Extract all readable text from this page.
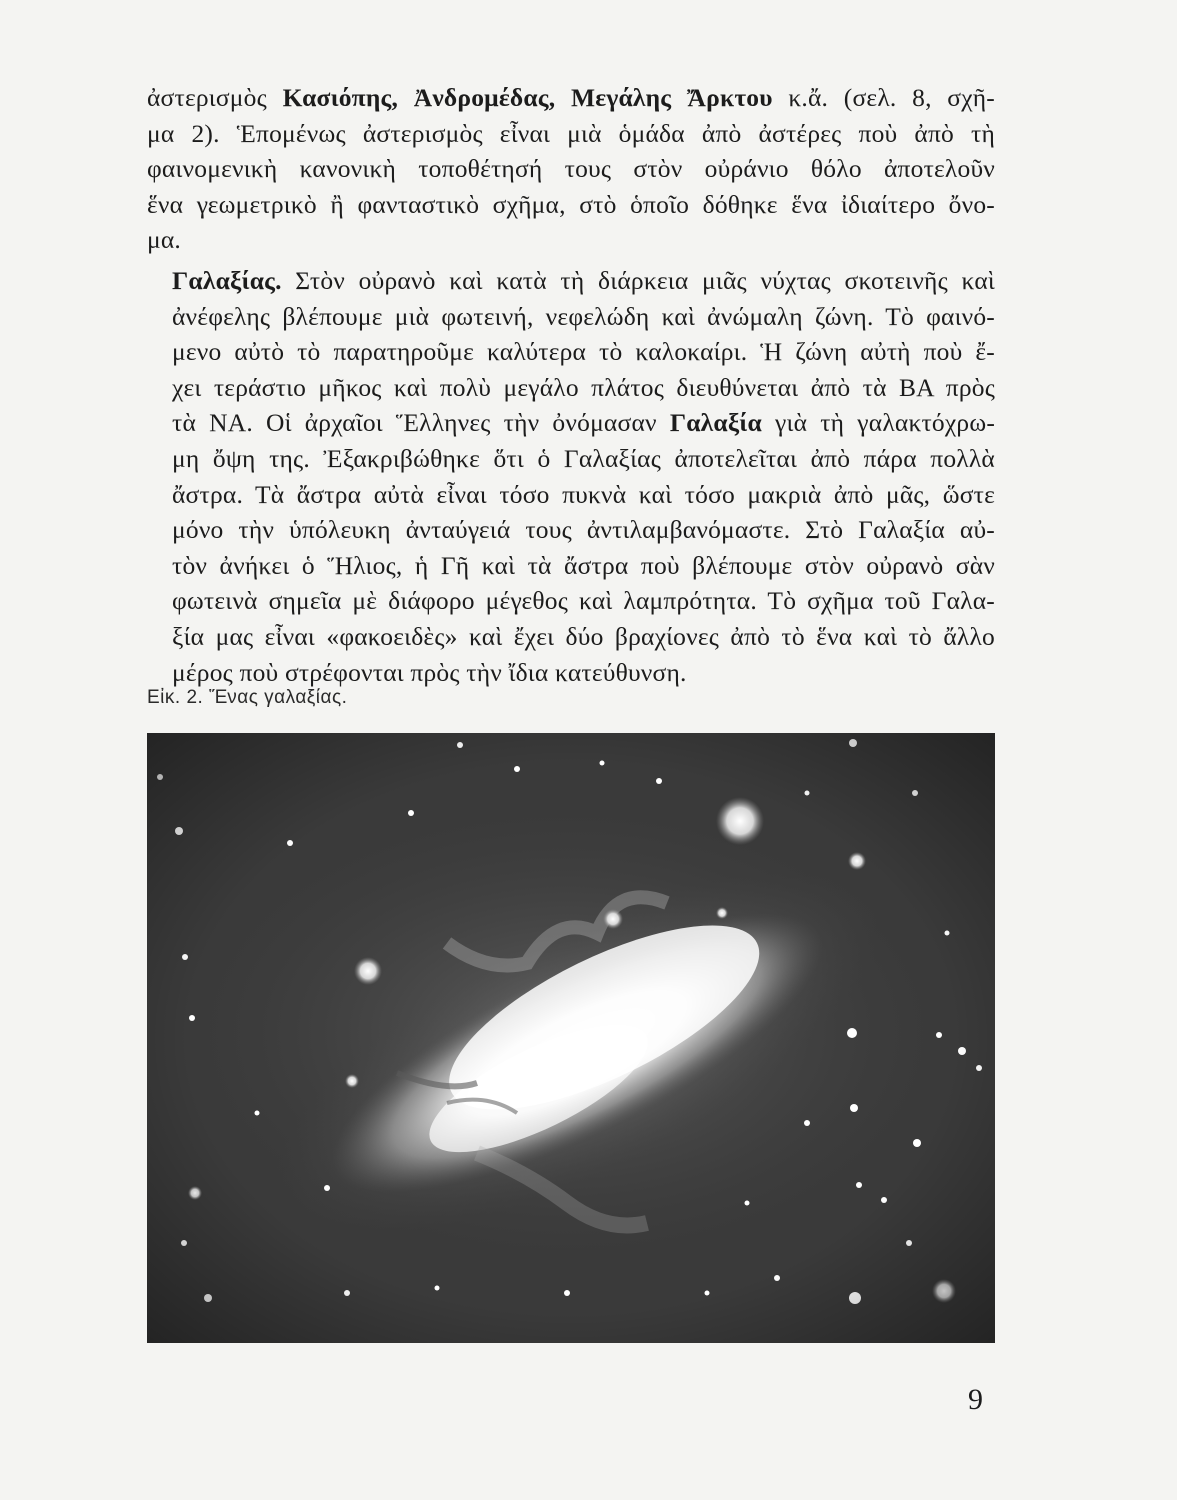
ἀστερισμὸς Κασιόπης, Ἀνδρομέδας, Μεγάλης Ἄρκτου κ.ἄ. (σελ. 8, σχῆ-
μα 2). Ἑπομένως ἀστερισμὸς εἶναι μιὰ ὁμάδα ἀπὸ ἀστέρες ποὺ ἀπὸ τὴ
φαινομενικὴ κανονικὴ τοποθέτησή τους στὸν οὐράνιο θόλο ἀποτελοῦν
ἕνα γεωμετρικὸ ἢ φανταστικὸ σχῆμα, στὸ ὁποῖο δόθηκε ἕνα ἰδιαίτερο ὄνο-
μα.
Γαλαξίας. Στὸν οὐρανὸ καὶ κατὰ τὴ διάρκεια μιᾶς νύχτας σκοτεινῆς καὶ
ἀνέφελης βλέπουμε μιὰ φωτεινή, νεφελώδη καὶ ἀνώμαλη ζώνη. Τὸ φαινό-
μενο αὐτὸ τὸ παρατηροῦμε καλύτερα τὸ καλοκαίρι. Ἡ ζώνη αὐτὴ ποὺ ἔ-
χει τεράστιο μῆκος καὶ πολὺ μεγάλο πλάτος διευθύνεται ἀπὸ τὰ ΒΑ πρὸς
τὰ ΝΑ. Οἱ ἀρχαῖοι Ἕλληνες τὴν ὀνόμασαν Γαλαξία γιὰ τὴ γαλακτόχρω-
μη ὄψη της. Ἐξακριβώθηκε ὅτι ὁ Γαλαξίας ἀποτελεῖται ἀπὸ πάρα πολλὰ
ἄστρα. Τὰ ἄστρα αὐτὰ εἶναι τόσο πυκνὰ καὶ τόσο μακριὰ ἀπὸ μᾶς, ὥστε
μόνο τὴν ὑπόλευκη ἀνταύγειά τους ἀντιλαμβανόμαστε. Στὸ Γαλαξία αὐ-
τὸν ἀνήκει ὁ Ἥλιος, ἡ Γῆ καὶ τὰ ἄστρα ποὺ βλέπουμε στὸν οὐρανὸ σὰν
φωτεινὰ σημεῖα μὲ διάφορο μέγεθος καὶ λαμπρότητα. Τὸ σχῆμα τοῦ Γαλα-
ξία μας εἶναι «φακοειδὲς» καὶ ἔχει δύο βραχίονες ἀπὸ τὸ ἕνα καὶ τὸ ἄλλο
μέρος ποὺ στρέφονται πρὸς τὴν ἴδια κατεύθυνση.
Εἰκ. 2. Ἕνας γαλαξίας.
9
